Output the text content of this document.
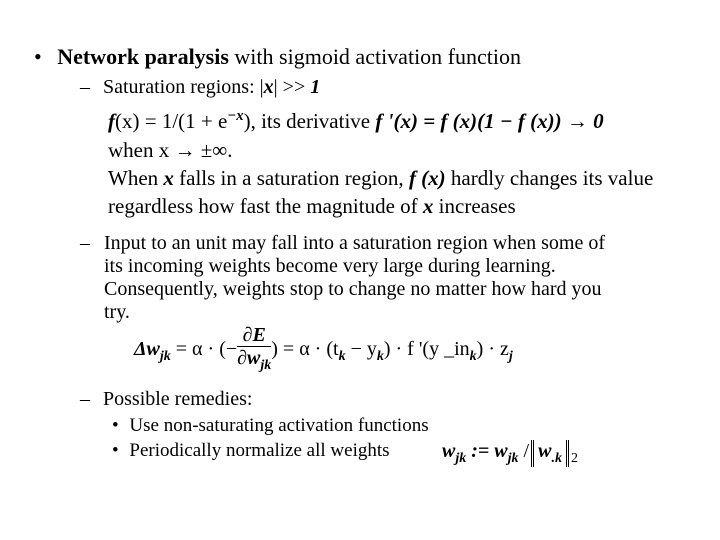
• Network paralysis with sigmoid activation function
– Saturation regions: |x| >> 1
$f(x) = 1/(1 + e^{-x})$, its derivative f '(x) = f (x)(1 − f (x)) → 0
when x → ±∞.
When x falls in a saturation region, f (x) hardly changes its value
regardless how fast the magnitude of x increases
– Input to an unit may fall into a saturation region when some of
its incoming weights become very large during learning.
Consequently, weights stop to change no matter how hard you
try.
$\Delta w_{jk} = \alpha$ · (− $\frac{\partial E}{\partial w_{jk}}$ ) = $\alpha \cdot (t_k - y_k) \cdot f$ '(y $\_in_k) \cdot z_j$
– Possible remedies:
• Use non-saturating activation functions
• Periodically normalize all weights	$w_{jk}$ := $w_{jk} / w_{.k}$ $_2$
